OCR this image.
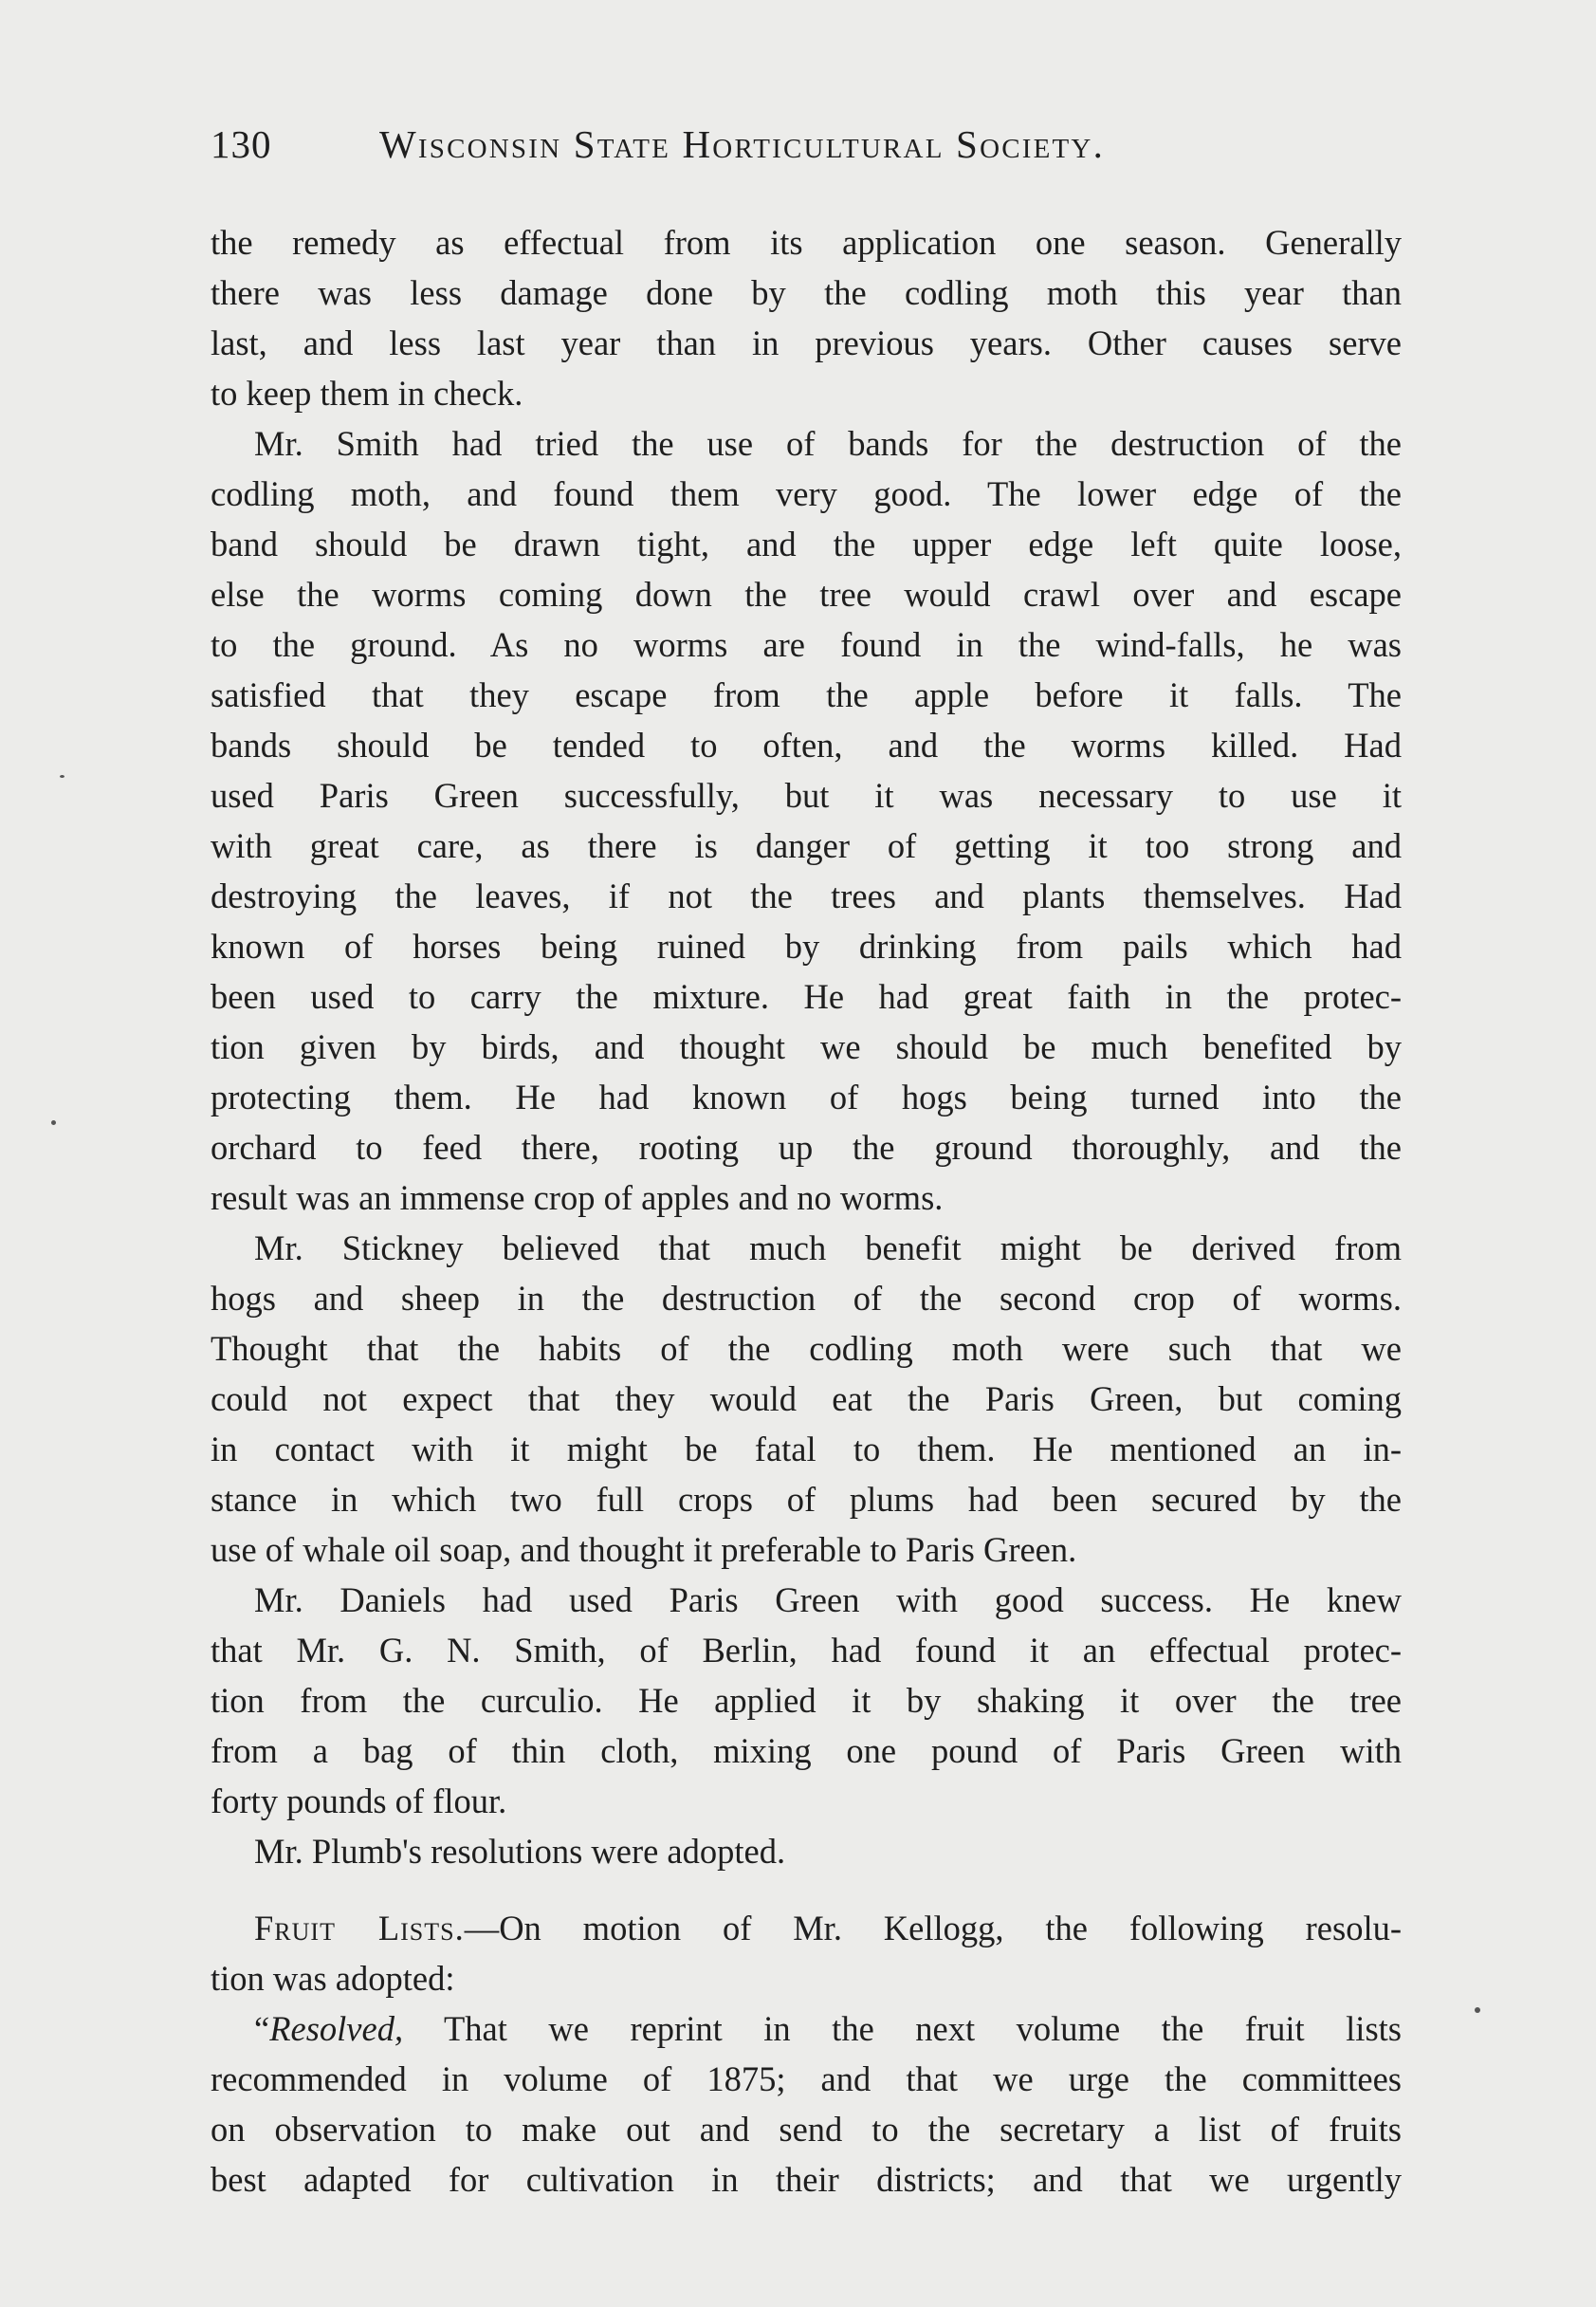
130	Wisconsin State Horticultural Society.
the remedy as effectual from its application one season. Generally
there was less damage done by the codling moth this year than
last, and less last year than in previous years. Other causes serve
to keep them in check.
Mr. Smith had tried the use of bands for the destruction of the
codling moth, and found them very good. The lower edge of the
band should be drawn tight, and the upper edge left quite loose,
else the worms coming down the tree would crawl over and escape
to the ground. As no worms are found in the wind-falls, he was
satisfied that they escape from the apple before it falls. The
bands should be tended to often, and the worms killed. Had
used Paris Green successfully, but it was necessary to use it
with great care, as there is danger of getting it too strong and
destroying the leaves, if not the trees and plants themselves. Had
known of horses being ruined by drinking from pails which had
been used to carry the mixture. He had great faith in the protec-
tion given by birds, and thought we should be much benefited by
protecting them. He had known of hogs being turned into the
orchard to feed there, rooting up the ground thoroughly, and the
result was an immense crop of apples and no worms.
Mr. Stickney believed that much benefit might be derived from
hogs and sheep in the destruction of the second crop of worms.
Thought that the habits of the codling moth were such that we
could not expect that they would eat the Paris Green, but coming
in contact with it might be fatal to them. He mentioned an in-
stance in which two full crops of plums had been secured by the
use of whale oil soap, and thought it preferable to Paris Green.
Mr. Daniels had used Paris Green with good success. He knew
that Mr. G. N. Smith, of Berlin, had found it an effectual protec-
tion from the curculio. He applied it by shaking it over the tree
from a bag of thin cloth, mixing one pound of Paris Green with
forty pounds of flour.
Mr. Plumb's resolutions were adopted.
Fruit Lists.—On motion of Mr. Kellogg, the following resolu-
tion was adopted:
“Resolved, That we reprint in the next volume the fruit lists
recommended in volume of 1875; and that we urge the committees
on observation to make out and send to the secretary a list of fruits
best adapted for cultivation in their districts; and that we urgently
